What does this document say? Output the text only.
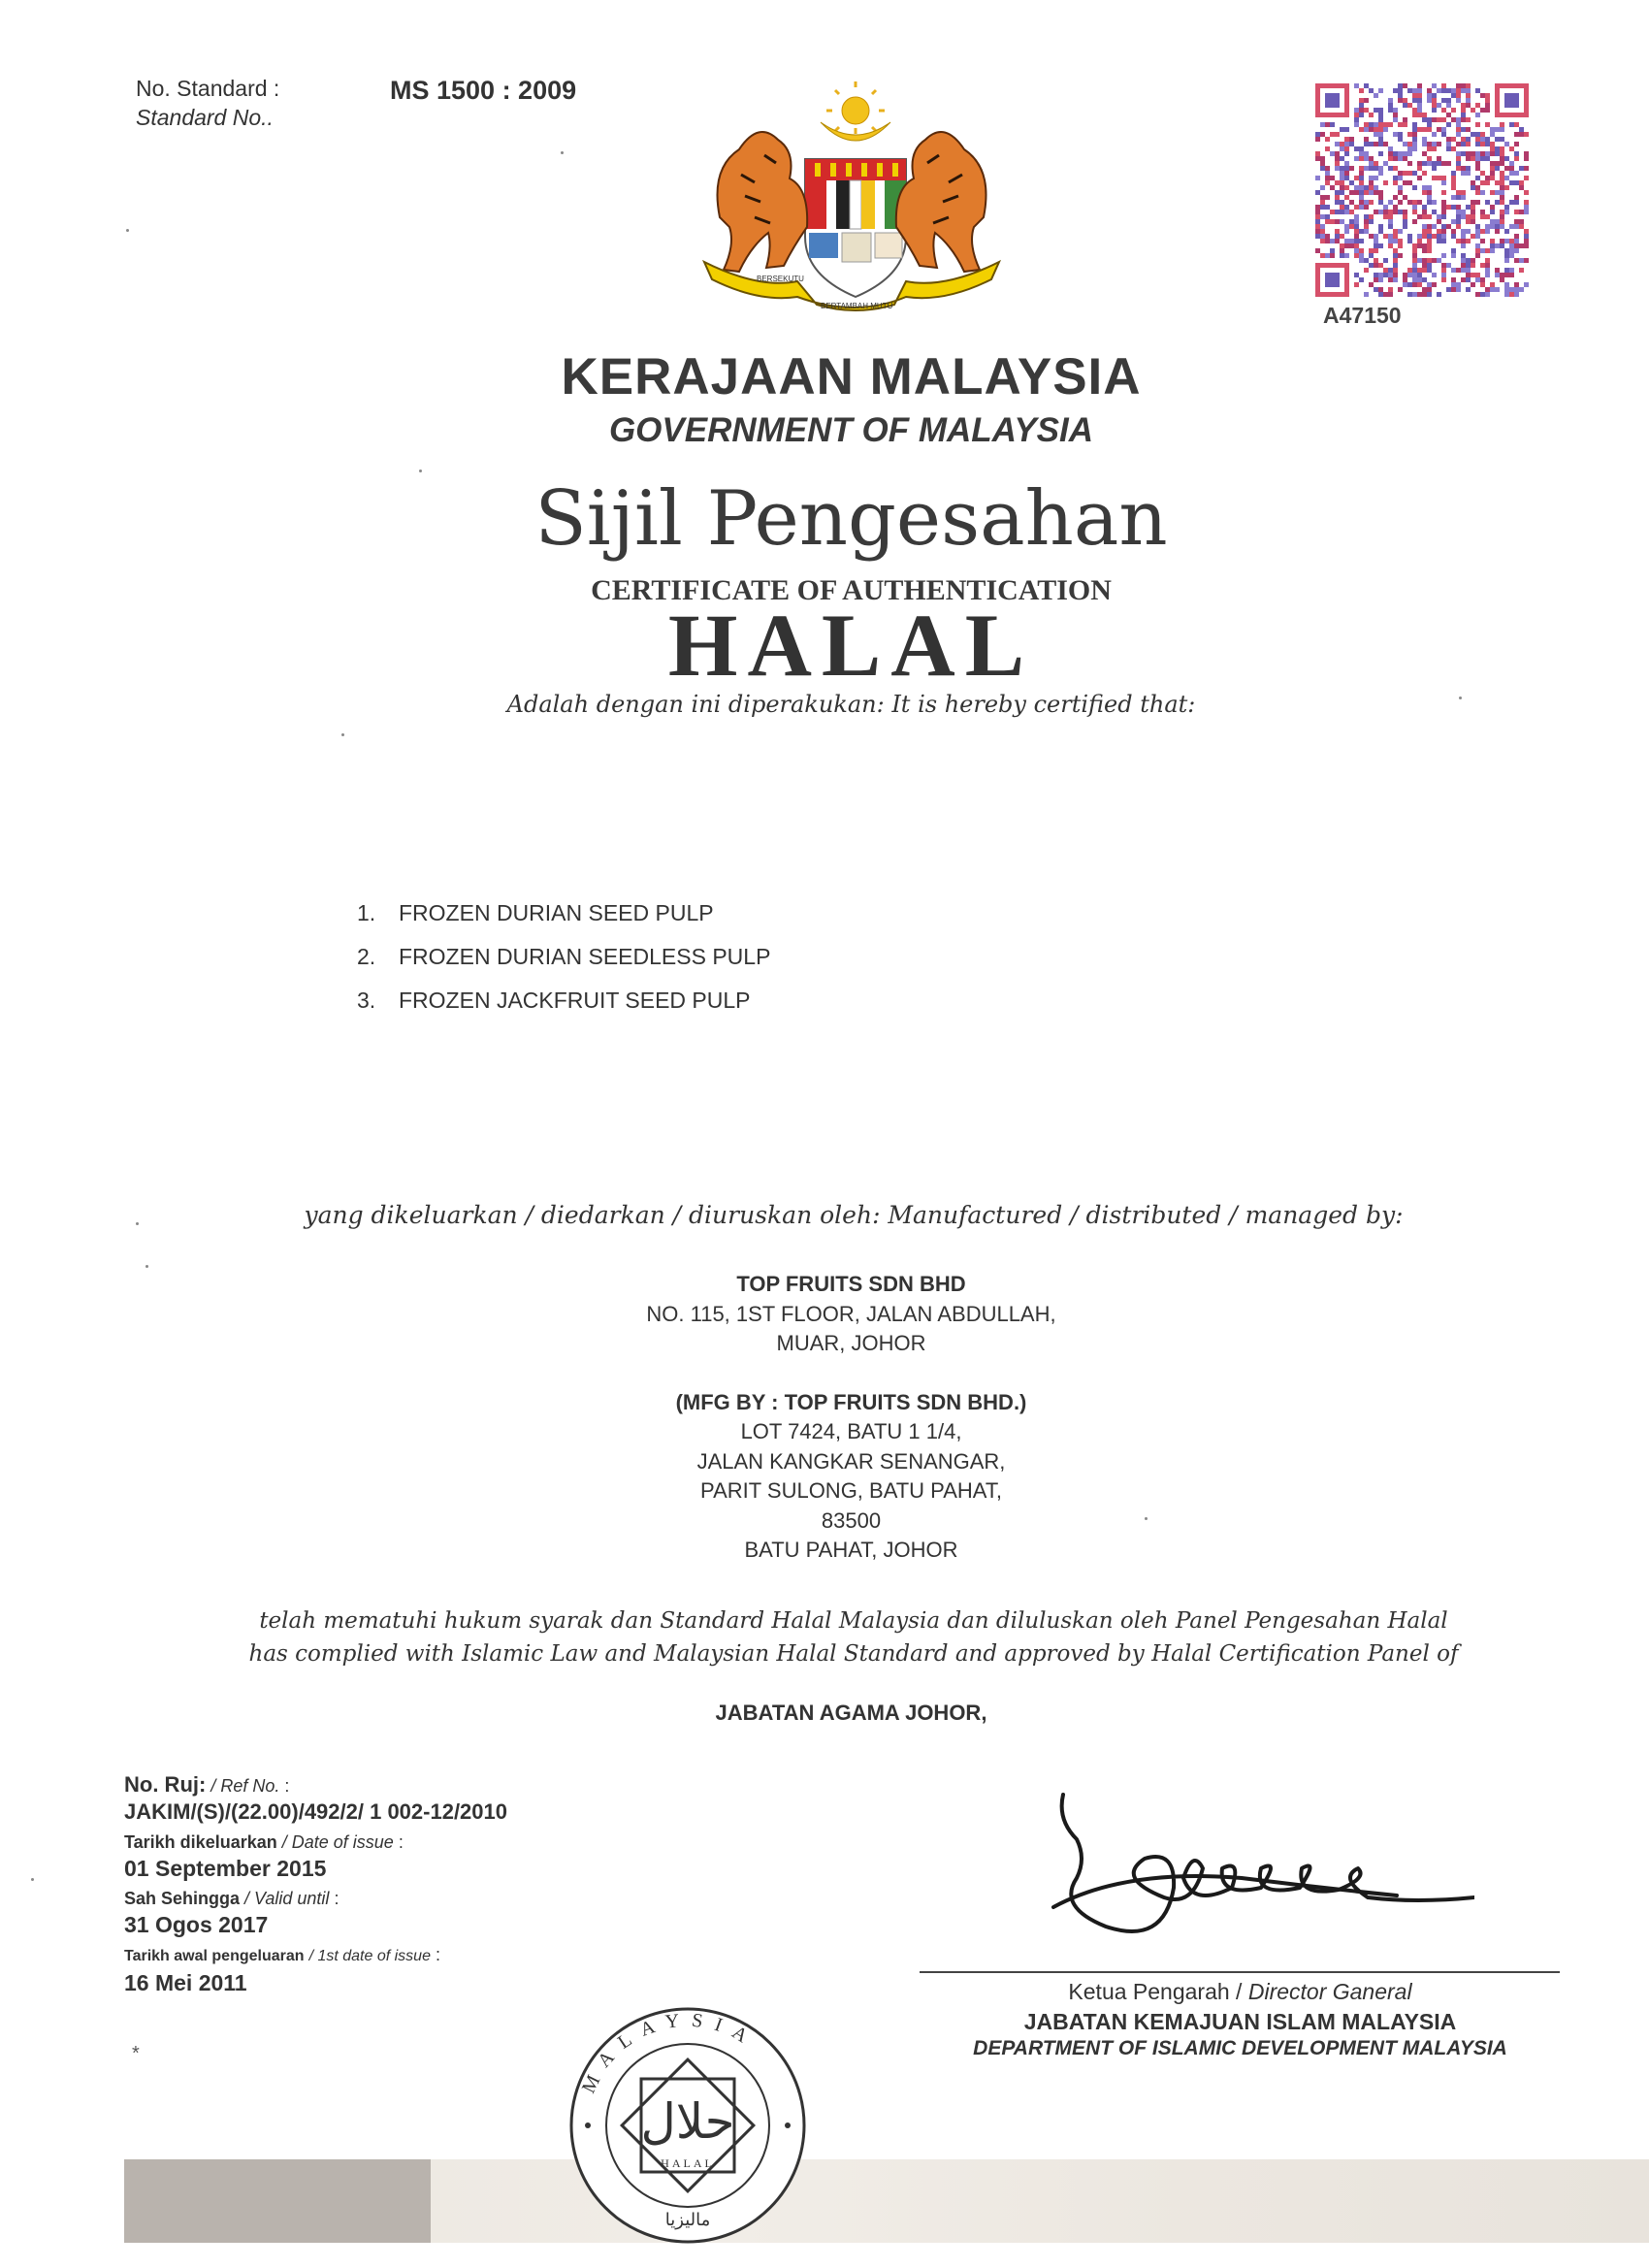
No. Standard :
Standard No..
MS 1500 : 2009
BERSEKUTU
BERTAMBAH MUTU	A47150
KERAJAAN MALAYSIA
GOVERNMENT OF MALAYSIA
Sijil Pengesahan
CERTIFICATE OF AUTHENTICATION
HALAL
Adalah dengan ini diperakukan: It is hereby certified that:
1. FROZEN DURIAN SEED PULP
2. FROZEN DURIAN SEEDLESS PULP
3. FROZEN JACKFRUIT SEED PULP
yang dikeluarkan / diedarkan / diuruskan oleh: Manufactured / distributed / managed by:
TOP FRUITS SDN BHD
NO. 115, 1ST FLOOR, JALAN ABDULLAH,
MUAR, JOHOR
(MFG BY : TOP FRUITS SDN BHD.)
LOT 7424, BATU 1 1/4,
JALAN KANGKAR SENANGAR,
PARIT SULONG, BATU PAHAT,
83500
BATU PAHAT, JOHOR
telah mematuhi hukum syarak dan Standard Halal Malaysia dan diluluskan oleh Panel Pengesahan Halal
has complied with Islamic Law and Malaysian Halal Standard and approved by Halal Certification Panel of
JABATAN AGAMA JOHOR,
No. Ruj: / Ref No. :
JAKIM/(S)/(22.00)/492/2/ 1 002-12/2010
Tarikh dikeluarkan / Date of issue :
01 September 2015
Sah Sehingga / Valid until :
31 Ogos 2017
Tarikh awal pengeluaran / 1st date of issue :
16 Mei 2011
*
MALAYSIA
حلال
HALAL
ماليزيا
Ketua Pengarah / Director Ganeral
JABATAN KEMAJUAN ISLAM MALAYSIA
DEPARTMENT OF ISLAMIC DEVELOPMENT MALAYSIA
